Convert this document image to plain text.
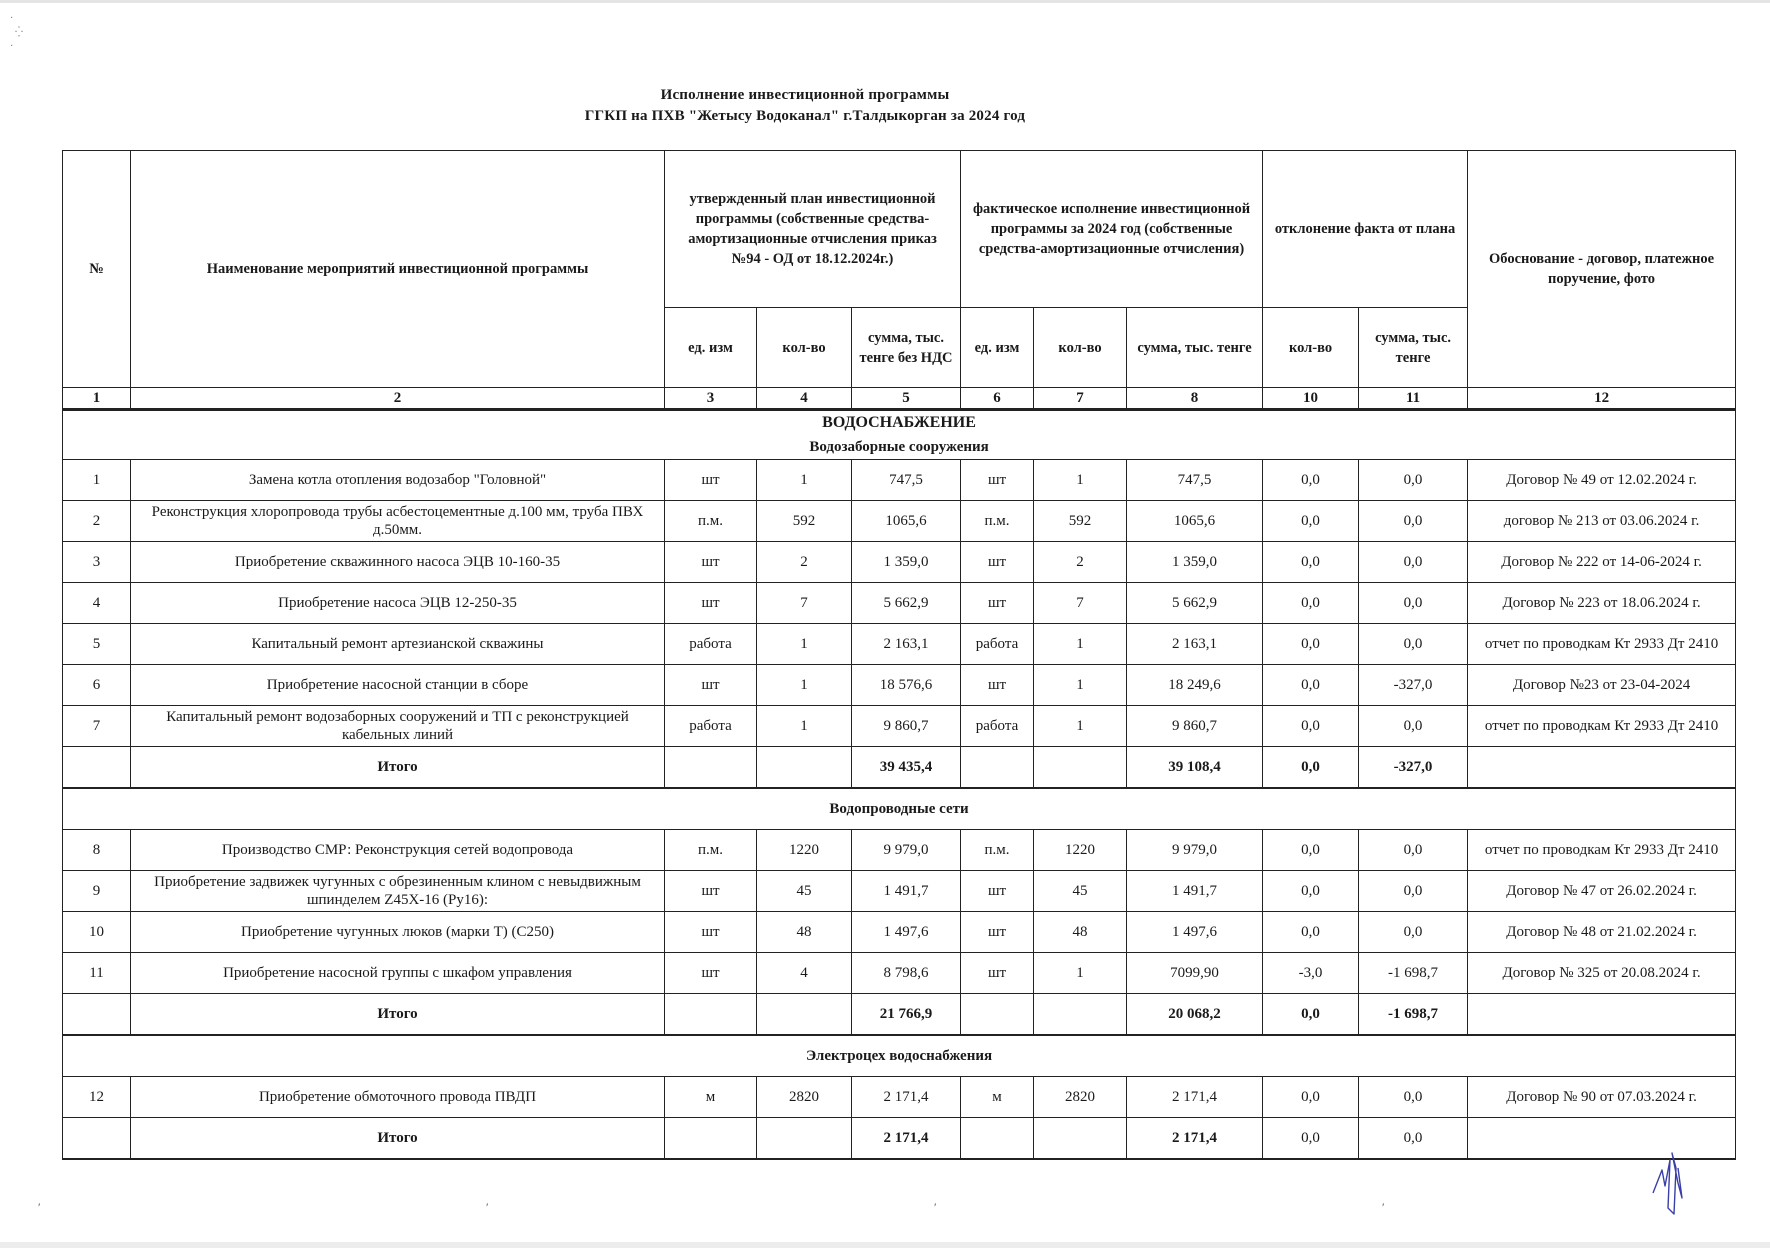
·
⁛
·
Исполнение инвестиционной программы
ГГКП на ПХВ "Жетысу Водоканал" г.Талдыкорган за 2024 год
№	Наименование мероприятий инвестиционной программы	утвержденный план инвестиционной программы (собственные средства-амортизационные отчисления приказ №94 - ОД от 18.12.2024г.)			фактическое исполнение инвестиционной программы за 2024 год (собственные средства-амортизационные отчисления)			отклонение факта от плана		Обоснование - договор, платежное поручение, фото
		ед. изм	кол-во	сумма, тыс. тенге без НДС	ед. изм	кол-во	сумма, тыс. тенге	кол-во	сумма, тыс. тенге	
1	2	3	4	5	6	7	8	10	11	12
ВОДОСНАБЖЕНИЕ										
Водозаборные сооружения										
1	Замена котла отопления водозабор "Головной"	шт	1	747,5	шт	1	747,5	0,0	0,0	Договор № 49 от 12.02.2024 г.
2	Реконструкция хлоропровода трубы асбестоцементные д.100 мм, труба ПВХ д.50мм.	п.м.	592	1065,6	п.м.	592	1065,6	0,0	0,0	договор № 213 от 03.06.2024 г.
3	Приобретение скважинного насоса ЭЦВ 10-160-35	шт	2	1 359,0	шт	2	1 359,0	0,0	0,0	Договор № 222 от 14-06-2024 г.
4	Приобретение насоса ЭЦВ 12-250-35	шт	7	5 662,9	шт	7	5 662,9	0,0	0,0	Договор № 223 от 18.06.2024 г.
5	Капитальный ремонт артезианской скважины	работа	1	2 163,1	работа	1	2 163,1	0,0	0,0	отчет по проводкам Кт 2933 Дт 2410
6	Приобретение насосной станции в сборе	шт	1	18 576,6	шт	1	18 249,6	0,0	-327,0	Договор №23 от 23-04-2024
7	Капитальный ремонт водозаборных сооружений и ТП с реконструкцией кабельных линий	работа	1	9 860,7	работа	1	9 860,7	0,0	0,0	отчет по проводкам Кт 2933 Дт 2410
	Итого			39 435,4			39 108,4	0,0	-327,0	
Водопроводные сети										
8	Производство СМР: Реконструкция сетей водопровода	п.м.	1220	9 979,0	п.м.	1220	9 979,0	0,0	0,0	отчет по проводкам Кт 2933 Дт 2410
9	Приобретение задвижек чугунных с обрезиненным клином с невыдвижным шпинделем Z45X-16 (Ру16):	шт	45	1 491,7	шт	45	1 491,7	0,0	0,0	Договор № 47 от 26.02.2024 г.
10	Приобретение чугунных люков (марки Т) (С250)	шт	48	1 497,6	шт	48	1 497,6	0,0	0,0	Договор № 48 от 21.02.2024 г.
11	Приобретение насосной группы с шкафом управления	шт	4	8 798,6	шт	1	7099,90	-3,0	-1 698,7	Договор № 325 от 20.08.2024 г.
	Итого			21 766,9			20 068,2	0,0	-1 698,7	
Электроцех водоснабжения										
12	Приобретение обмоточного провода ПВДП	м	2820	2 171,4	м	2820	2 171,4	0,0	0,0	Договор № 90 от 07.03.2024 г.
	Итого			2 171,4			2 171,4	0,0	0,0	
′	′	′	′
